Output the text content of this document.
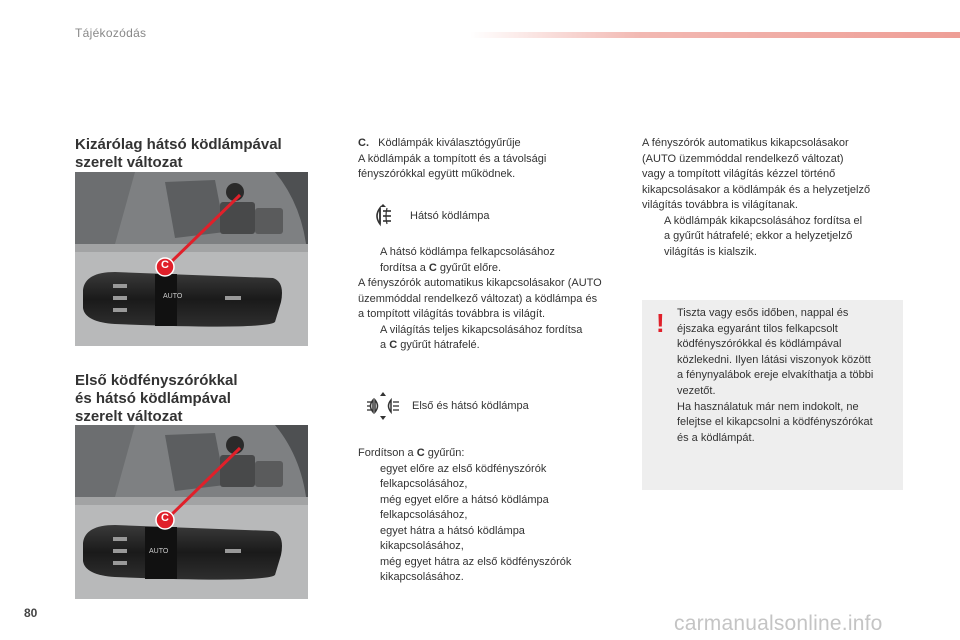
Tájékozódás
Kizárólag hátsó ködlámpával
szerelt változat
AUTO
Első ködfényszórókkal
és hátsó ködlámpával
szerelt változat
AUTO
C
C

C. Ködlámpák kiválasztógyűrűje

A ködlámpák a tompított és a távolsági

fényszórókkal együtt működnek.

Hátsó ködlámpa

A hátsó ködlámpa felkapcsolásához

fordítsa a C gyűrűt előre.

A fényszórók automatikus kikapcsolásakor (AUTO

üzemmóddal rendelkező változat) a ködlámpa és

a tompított világítás továbbra is világít.

A világítás teljes kikapcsolásához fordítsa

a C gyűrűt hátrafelé.

Első és hátsó ködlámpa

Fordítson a C gyűrűn:

egyet előre az első ködfényszórók

felkapcsolásához,

még egyet előre a hátsó ködlámpa

felkapcsolásához,

egyet hátra a hátsó ködlámpa

kikapcsolásához,

még egyet hátra az első ködfényszórók

kikapcsolásához.

A fényszórók automatikus kikapcsolásakor

(AUTO üzemmóddal rendelkező változat)

vagy a tompított világítás kézzel történő

kikapcsolásakor a ködlámpák és a helyzetjelző

világítás továbbra is világítanak.

A ködlámpák kikapcsolásához fordítsa el

a gyűrűt hátrafelé; ekkor a helyzetjelző

világítás is kialszik.

! Tiszta vagy esős időben, nappal és

éjszaka egyaránt tilos felkapcsolt

ködfényszórókkal és ködlámpával

közlekedni. Ilyen látási viszonyok között

a fénynyalábok ereje elvakíthatja a többi

vezetőt.

Ha használatuk már nem indokolt, ne

felejtse el kikapcsolni a ködfényszórókat

és a ködlámpát.

80	carmanualsonline.info
